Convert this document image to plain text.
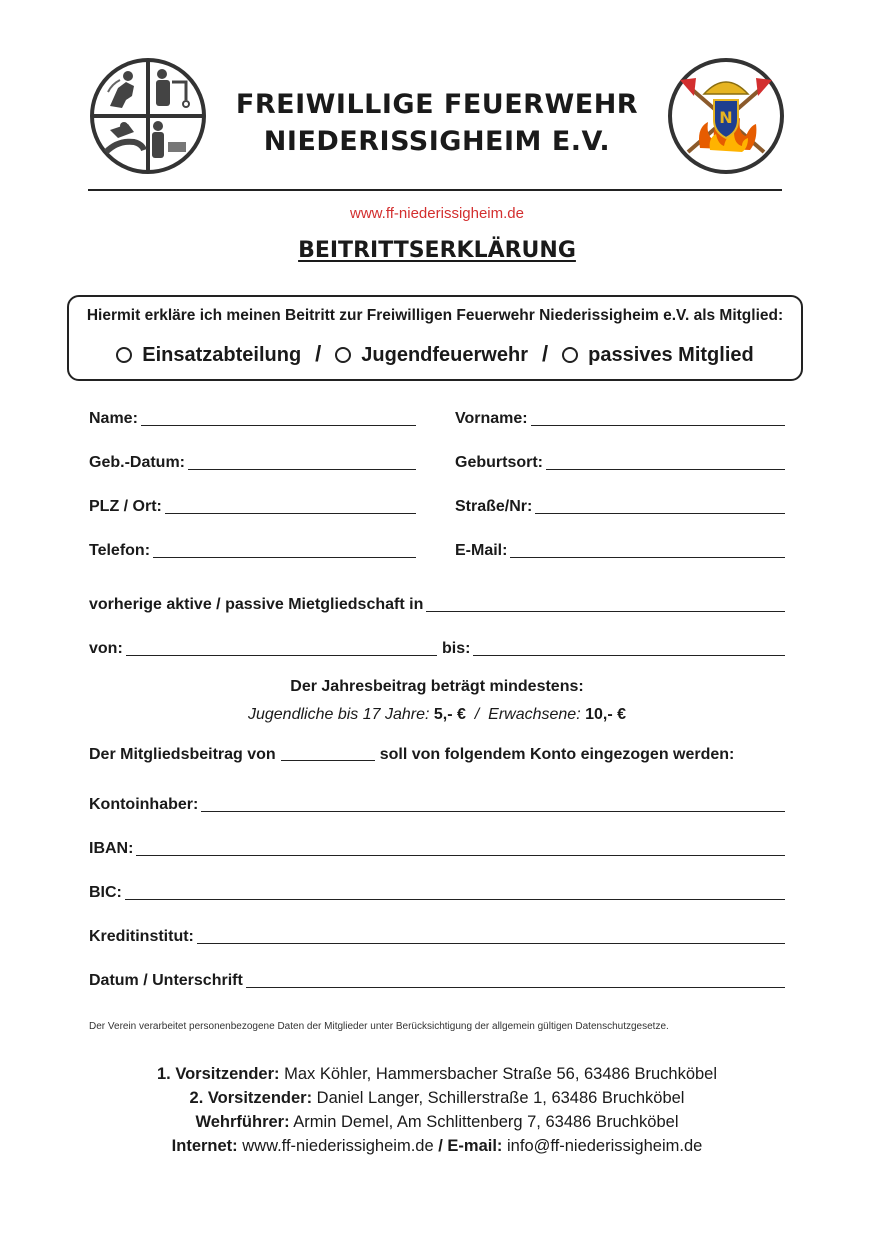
N
FREIWILLIGE FEUERWEHR
NIEDERISSIGHEIM E.V.
www.ff-niederissigheim.de
BEITRITTSERKLÄRUNG
Hiermit erkläre ich meinen Beitritt zur Freiwilligen Feuerwehr Niederissigheim e.V. als Mitglied:
Einsatzabteilung / Jugendfeuerwehr / passives Mitglied
Name:	Vorname:
Geb.-Datum:	Geburtsort:
PLZ / Ort:	Straße/Nr:
Telefon:	E-Mail:
vorherige aktive / passive Mietgliedschaft in
von:	bis:
Der Jahresbeitrag beträgt mindestens:
Jugendliche bis 17 Jahre: 5,- € / Erwachsene: 10,- €
Der Mitgliedsbeitrag von	soll von folgendem Konto eingezogen werden:
Kontoinhaber:
IBAN:
BIC:
Kreditinstitut:
Datum / Unterschrift
Der Verein verarbeitet personenbezogene Daten der Mitglieder unter Berücksichtigung der allgemein gültigen Datenschutzgesetze.
1. Vorsitzender: Max Köhler, Hammersbacher Straße 56, 63486 Bruchköbel
2. Vorsitzender: Daniel Langer, Schillerstraße 1, 63486 Bruchköbel
Wehrführer: Armin Demel, Am Schlittenberg 7, 63486 Bruchköbel
Internet: www.ff-niederissigheim.de / E-mail: info@ff-niederissigheim.de
